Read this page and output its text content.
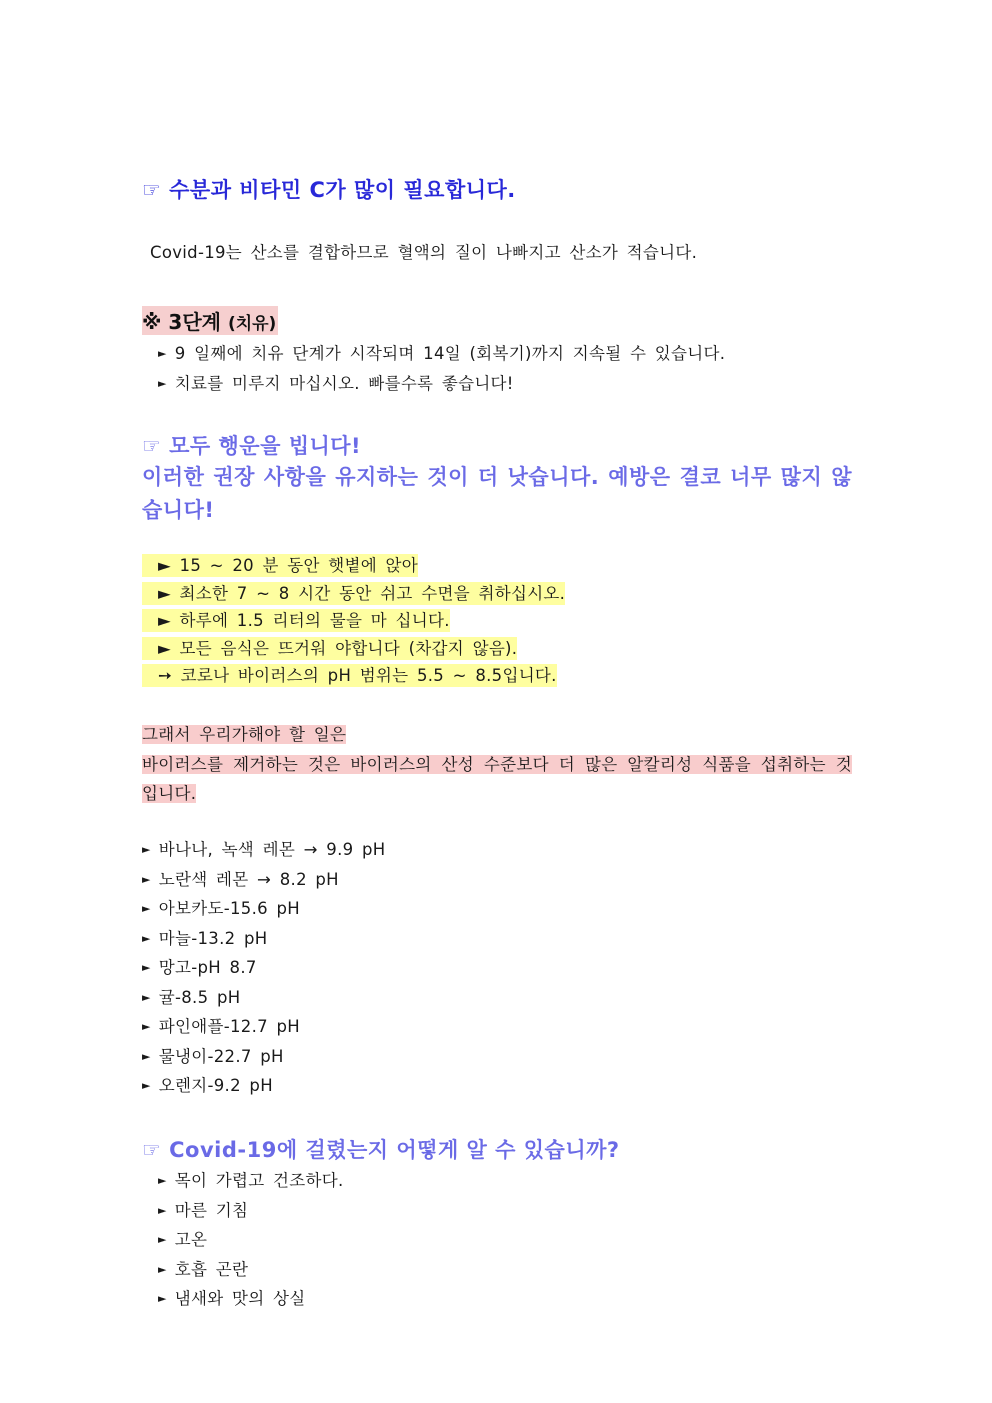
☞ 수분과 비타민 C가 많이 필요합니다.
Covid-19는 산소를 결합하므로 혈액의 질이 나빠지고 산소가 적습니다.
※ 3단계 (치유)
► 9 일째에 치유 단계가 시작되며 14일 (회복기)까지 지속될 수 있습니다.
► 치료를 미루지 마십시오. 빠를수록 좋습니다!
☞ 모두 행운을 빕니다!
이러한 권장 사항을 유지하는 것이 더 낫습니다. 예방은 결코 너무 많지 않습니다!
► 15 ~ 20 분 동안 햇볕에 앉아
► 최소한 7 ~ 8 시간 동안 쉬고 수면을 취하십시오.
► 하루에 1.5 리터의 물을 마 십니다.
► 모든 음식은 뜨거워 야합니다 (차갑지 않음).
➙ 코로나 바이러스의 pH 범위는 5.5 ~ 8.5입니다.
그래서 우리가해야 할 일은
바이러스를 제거하는 것은 바이러스의 산성 수준보다 더 많은 알칼리성 식품을 섭취하는 것입니다.
► 바나나, 녹색 레몬 → 9.9 pH
► 노란색 레몬 → 8.2 pH
► 아보카도-15.6 pH
► 마늘-13.2 pH
► 망고-pH 8.7
► 귤-8.5 pH
► 파인애플-12.7 pH
► 물냉이-22.7 pH
► 오렌지-9.2 pH
☞ Covid-19에 걸렸는지 어떻게 알 수 있습니까?
► 목이 가렵고 건조하다.
► 마른 기침
► 고온
► 호흡 곤란
► 냄새와 맛의 상실
